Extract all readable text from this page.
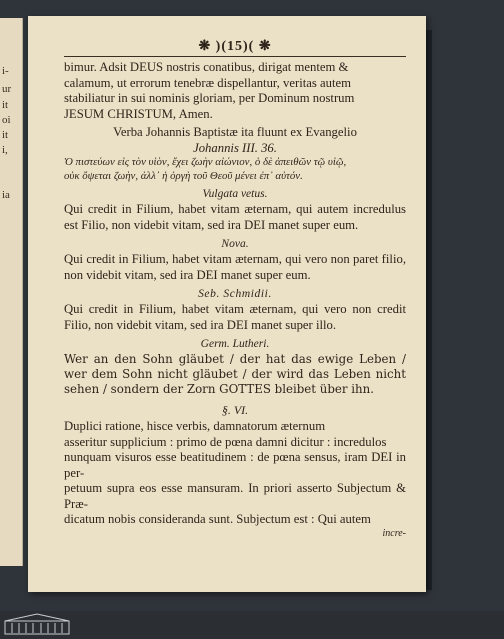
i-
ur
it
oi
it
i,
ia
❋ )(15)( ❋

bimur. Adsit DEUS nostris conatibus, dirigat mentem &

calamum, ut errorum tenebræ dispellantur, veritas autem

stabiliatur in sui nominis gloriam, per Dominum nostrum

JESUM CHRISTUM, Amen.

Verba Johannis Baptistæ ita fluunt ex Evangelio

Johannis III. 36.

Ὁ πιστεύων εἰς τὸν υἱὸν, ἔχει ζωὴν αἰώνιον, ὁ δὲ ἀπειθῶν τῷ υἱῷ,

οὐκ ὄψεται ζωὴν, ἀλλ᾽ ἡ ὀργὴ τοῦ Θεοῦ μένει ἐπ᾽ αὐτόν.

Vulgata vetus.

Qui credit in Filium, habet vitam æternam, qui autem incredulus est Filio, non videbit vitam, sed ira DEI manet super eum.

Nova.

Qui credit in Filium, habet vitam æternam, qui vero non paret filio, non videbit vitam, sed ira DEI manet super eum.

Seb. Schmidii.

Qui credit in Filium, habet vitam æternam, qui vero non credit Filio, non videbit vitam, sed ira DEI manet super illo.

Germ. Lutheri.

Wer an den Sohn gläubet / der hat das ewige Leben / wer dem Sohn nicht gläubet / der wird das Leben nicht sehen / sondern der Zorn GOTTES bleibet über ihn.

§. VI.

Duplici ratione, hisce verbis, damnatorum æternum

asseritur supplicium : primo de pœna damni dicitur : incredulos

nunquam visuros esse beatitudinem : de pœna sensus, iram DEI in per-

petuum supra eos esse mansuram. In priori asserto Subjectum & Præ-

dicatum nobis consideranda sunt. Subjectum est : Qui autem

incre-
